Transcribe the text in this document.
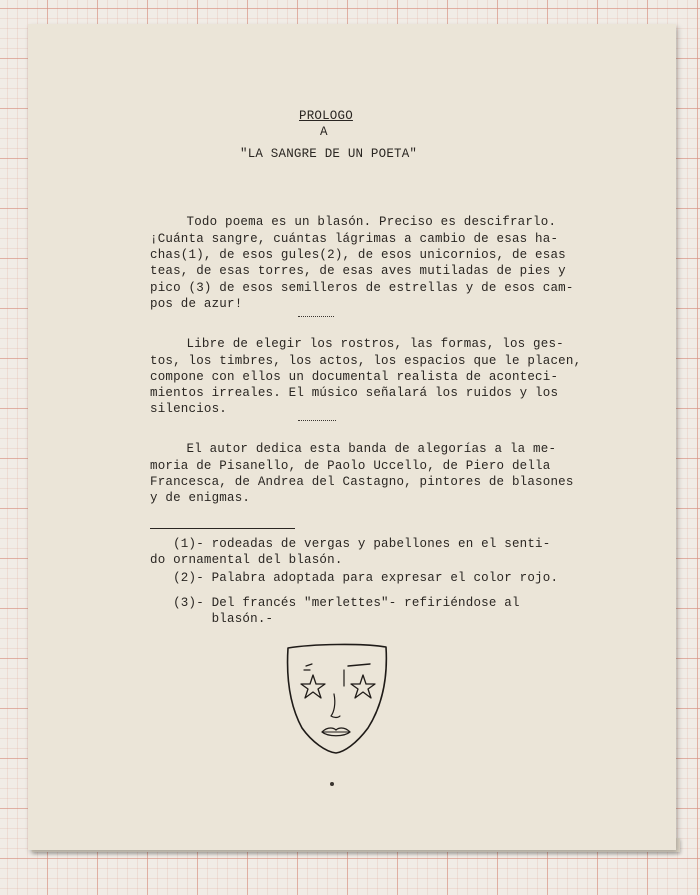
PROLOGO
A
"LA SANGRE DE UN POETA"
Todo poema es un blasón. Preciso es descifrarlo.
¡Cuánta sangre, cuántas lágrimas a cambio de esas ha-
chas(1), de esos gules(2), de esos unicornios, de esas
teas, de esas torres, de esas aves mutiladas de pies y
pico (3) de esos semilleros de estrellas y de esos cam-
pos de azur!
Libre de elegir los rostros, las formas, los ges-
tos, los timbres, los actos, los espacios que le placen,
compone con ellos un documental realista de aconteci-
mientos irreales. El músico señalará los ruidos y los
silencios.
El autor dedica esta banda de alegorías a la me-
moria de Pisanello, de Paolo Uccello, de Piero della
Francesca, de Andrea del Castagno, pintores de blasones
y de enigmas.
(1)- rodeadas de vergas y pabellones en el senti-
do ornamental del blasón.
(2)- Palabra adoptada para expresar el color rojo.
(3)- Del francés "merlettes"- refiriéndose al
blasón.-
